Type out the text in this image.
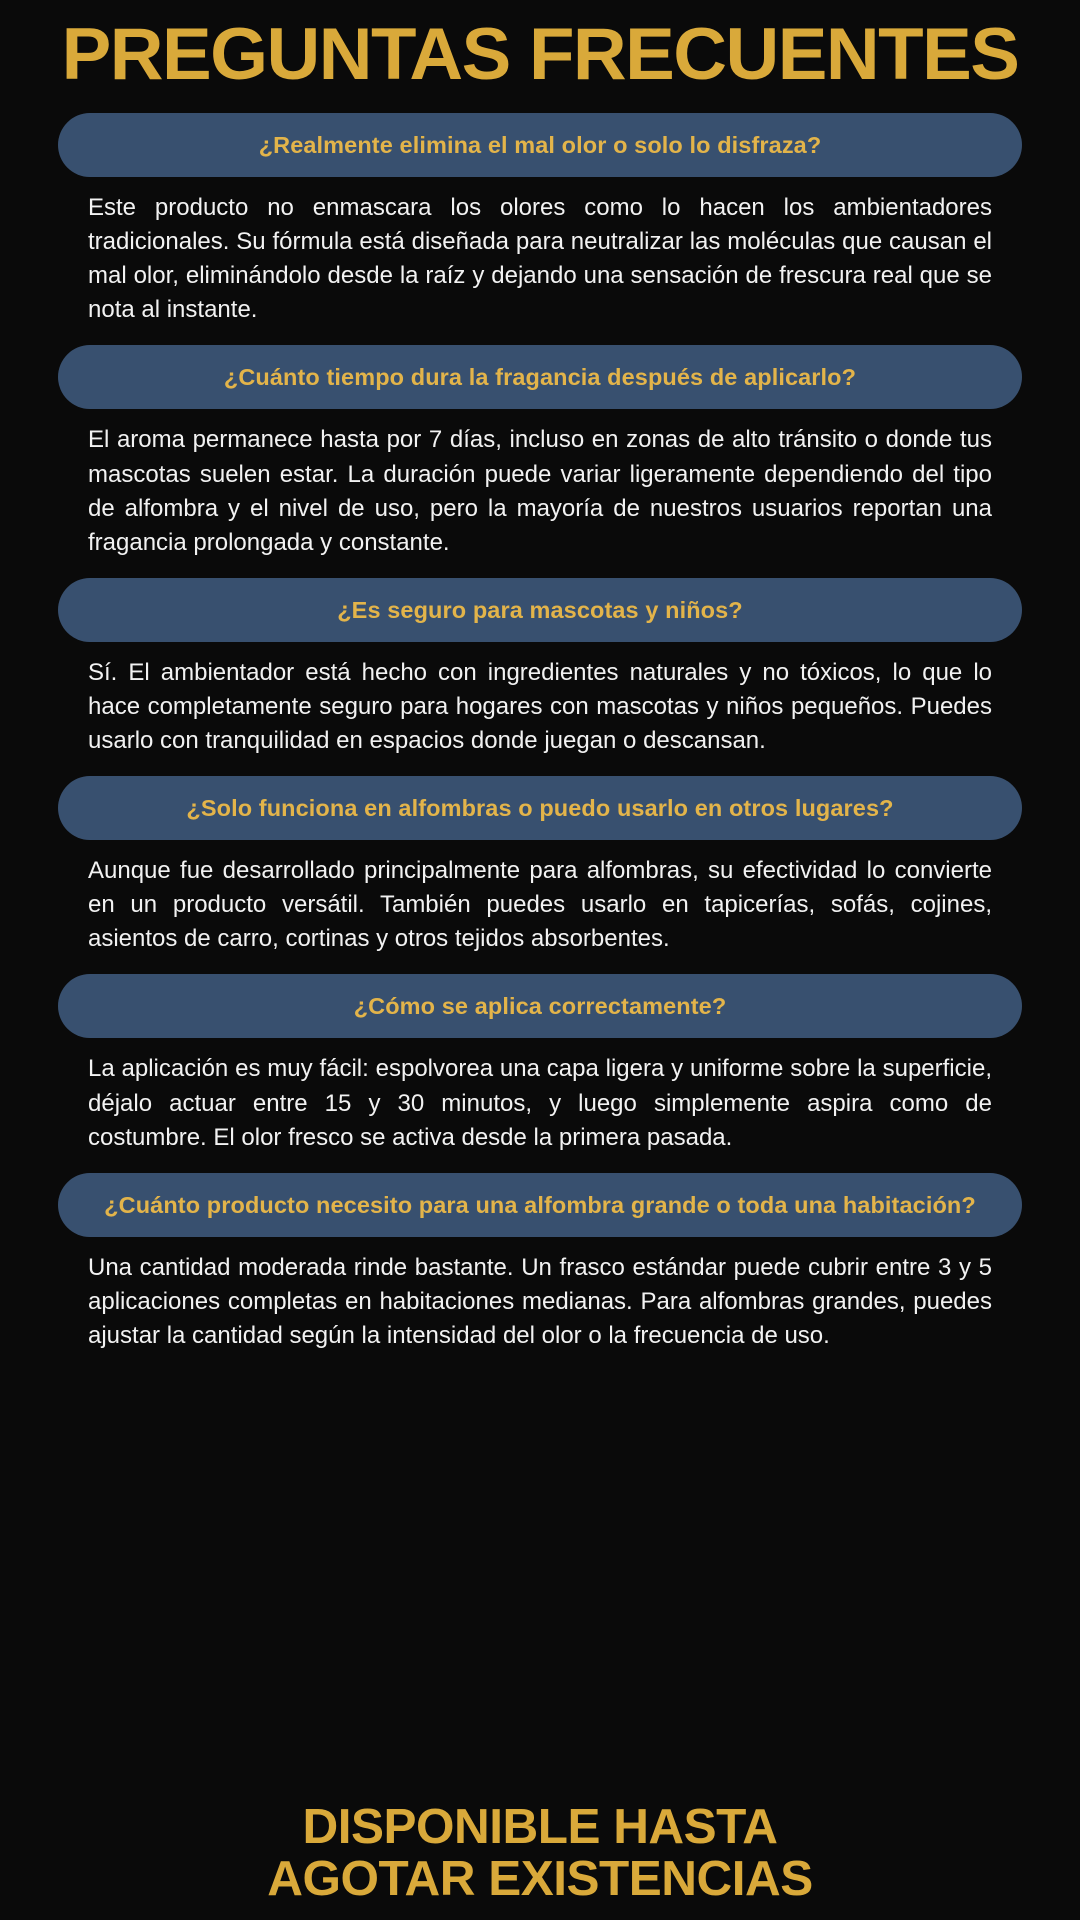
PREGUNTAS FRECUENTES
¿Realmente elimina el mal olor o solo lo disfraza?
Este producto no enmascara los olores como lo hacen los ambientadores tradicionales. Su fórmula está diseñada para neutralizar las moléculas que causan el mal olor, eliminándolo desde la raíz y dejando una sensación de frescura real que se nota al instante.
¿Cuánto tiempo dura la fragancia después de aplicarlo?
El aroma permanece hasta por 7 días, incluso en zonas de alto tránsito o donde tus mascotas suelen estar. La duración puede variar ligeramente dependiendo del tipo de alfombra y el nivel de uso, pero la mayoría de nuestros usuarios reportan una fragancia prolongada y constante.
¿Es seguro para mascotas y niños?
Sí. El ambientador está hecho con ingredientes naturales y no tóxicos, lo que lo hace completamente seguro para hogares con mascotas y niños pequeños. Puedes usarlo con tranquilidad en espacios donde juegan o descansan.
¿Solo funciona en alfombras o puedo usarlo en otros lugares?
Aunque fue desarrollado principalmente para alfombras, su efectividad lo convierte en un producto versátil. También puedes usarlo en tapicerías, sofás, cojines, asientos de carro, cortinas y otros tejidos absorbentes.
¿Cómo se aplica correctamente?
La aplicación es muy fácil: espolvorea una capa ligera y uniforme sobre la superficie, déjalo actuar entre 15 y 30 minutos, y luego simplemente aspira como de costumbre. El olor fresco se activa desde la primera pasada.
¿Cuánto producto necesito para una alfombra grande o toda una habitación?
Una cantidad moderada rinde bastante. Un frasco estándar puede cubrir entre 3 y 5 aplicaciones completas en habitaciones medianas. Para alfombras grandes, puedes ajustar la cantidad según la intensidad del olor o la frecuencia de uso.
DISPONIBLE HASTA
AGOTAR EXISTENCIAS
